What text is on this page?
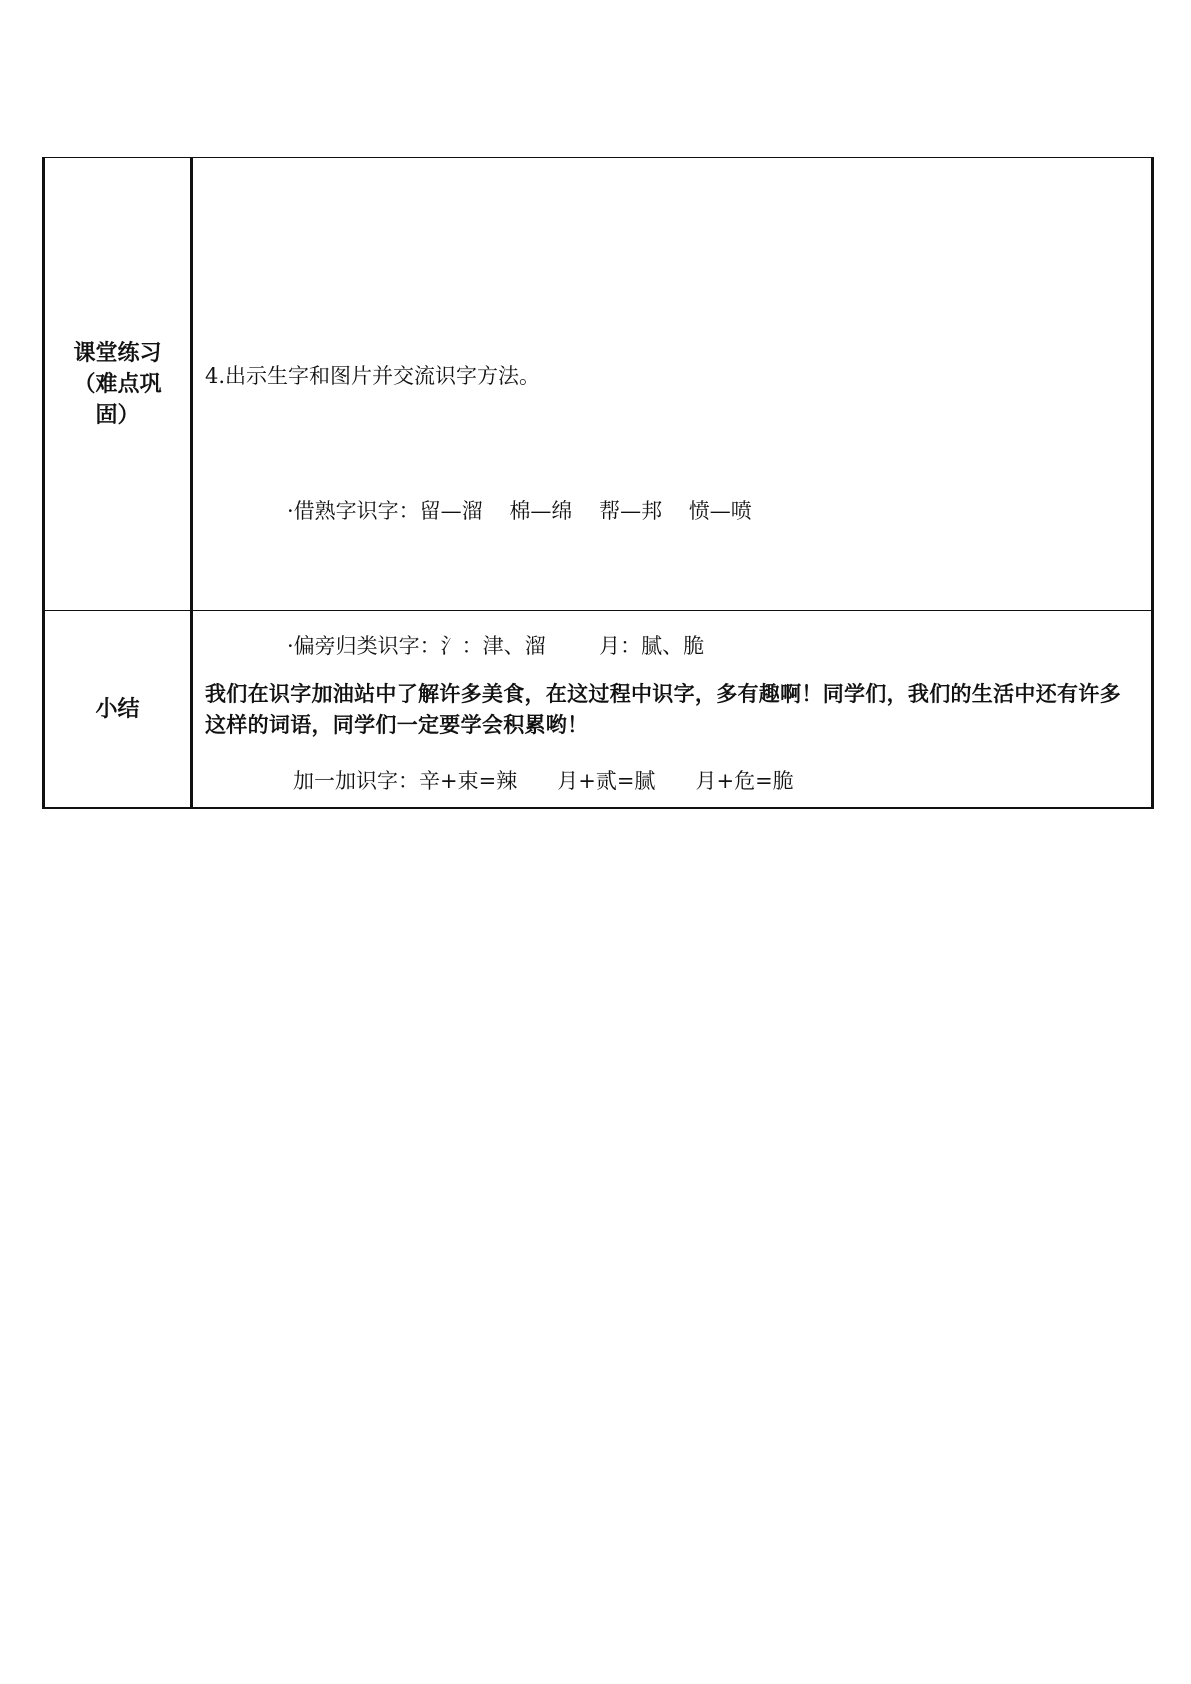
课堂练习（难点巩固）

4.出示生字和图片并交流识字方法。

·借熟字识字：留—溜    棉—绵    帮—邦    愤—喷

·偏旁归类识字：氵：津、溜        月：腻、脆

加一加识字：辛+束=辣      月+贰=腻      月+危=脆

小结
我们在识字加油站中了解许多美食，在这过程中识字，多有趣啊！同学们，我们的生活中还有许多这样的词语，同学们一定要学会积累哟！
